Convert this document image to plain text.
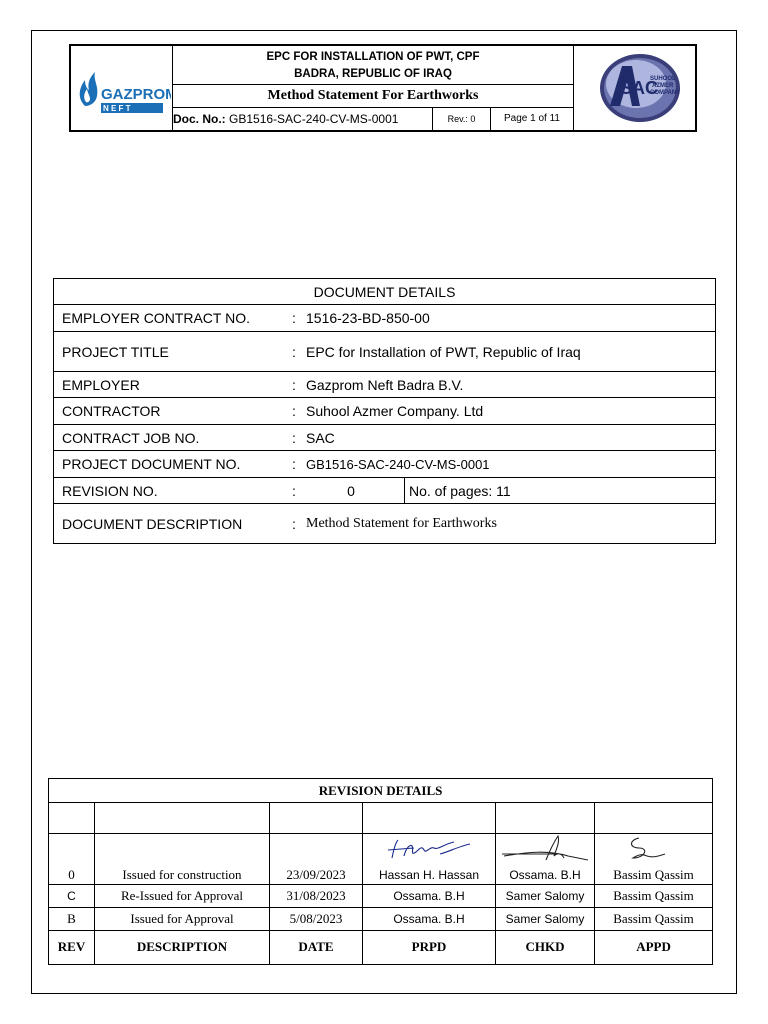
GAZPROM
N E F T
EPC FOR INSTALLATION OF PWT, CPF
BADRA, REPUBLIC OF IRAQ
Method Statement For Earthworks
Doc. No.: GB1516-SAC-240-CV-MS-0001	Rev.: 0	Page 1 of 11
SAC
SUHOOL
AZMER
COMPANY
DOCUMENT DETAILS			
EMPLOYER CONTRACT NO.	:	1516-23-BD-850-00	
PROJECT TITLE	:	EPC for Installation of PWT, Republic of Iraq	
EMPLOYER	:	Gazprom Neft Badra B.V.	
CONTRACTOR	:	Suhool Azmer Company. Ltd	
CONTRACT JOB NO.	:	SAC	
PROJECT DOCUMENT NO.	:	GB1516-SAC-240-CV-MS-0001	
REVISION NO.	:	0	No. of pages: 11
DOCUMENT DESCRIPTION	:	Method Statement for Earthworks	
REVISION DETAILS					

0	Issued for construction	23/09/2023	Hassan H. Hassan	Ossama. B.H	Bassim Qassim
C	Re-Issued for Approval	31/08/2023	Ossama. B.H	Samer Salomy	Bassim Qassim
B	Issued for Approval	5/08/2023	Ossama. B.H	Samer Salomy	Bassim Qassim
REV	DESCRIPTION	DATE	PRPD	CHKD	APPD
